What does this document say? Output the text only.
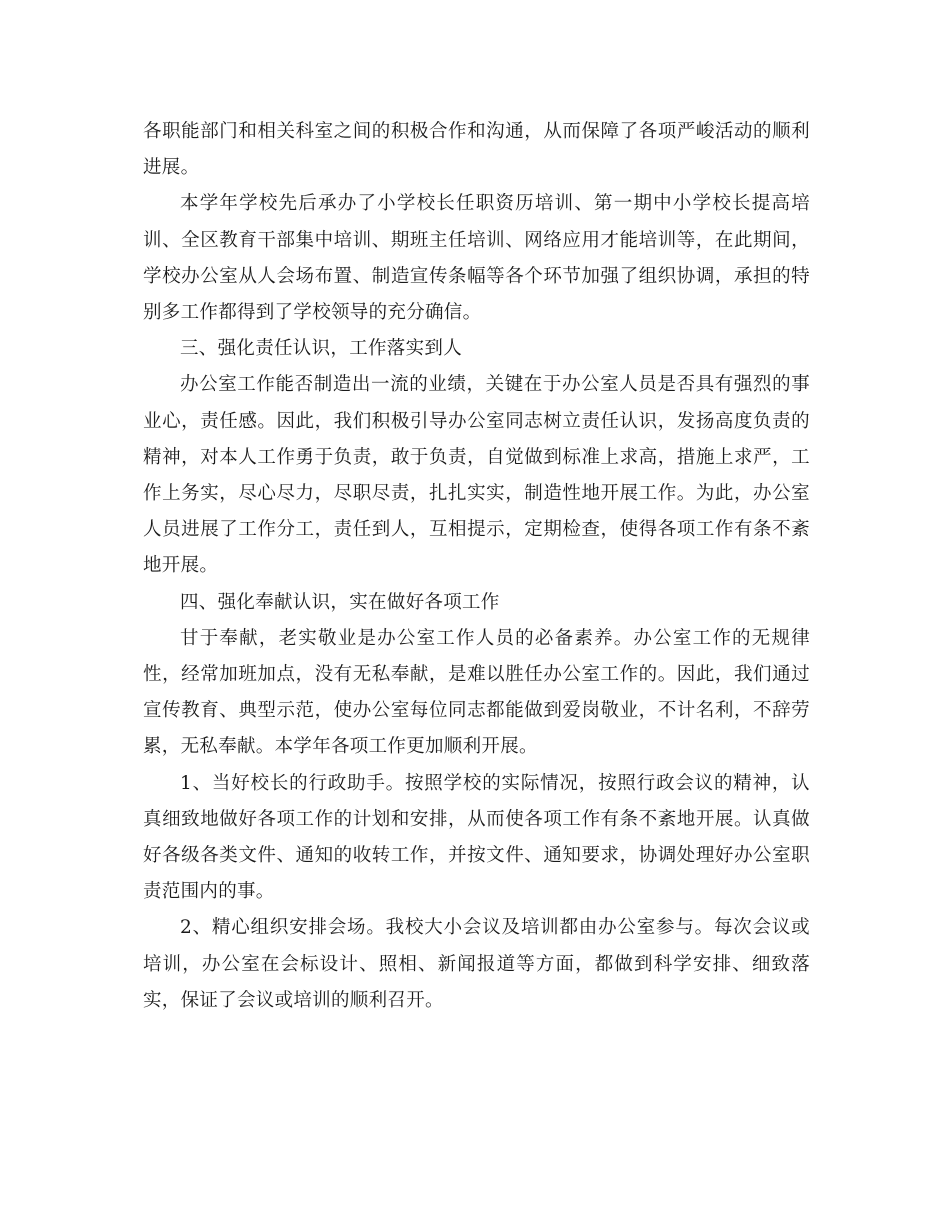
各职能部门和相关科室之间的积极合作和沟通，从而保障了各项严峻活动的顺利进展。

本学年学校先后承办了小学校长任职资历培训、第一期中小学校长提高培训、全区教育干部集中培训、期班主任培训、网络应用才能培训等，在此期间，学校办公室从人会场布置、制造宣传条幅等各个环节加强了组织协调，承担的特别多工作都得到了学校领导的充分确信。

三、强化责任认识，工作落实到人

办公室工作能否制造出一流的业绩，关键在于办公室人员是否具有强烈的事业心，责任感。因此，我们积极引导办公室同志树立责任认识，发扬高度负责的精神，对本人工作勇于负责，敢于负责，自觉做到标准上求高，措施上求严，工作上务实，尽心尽力，尽职尽责，扎扎实实，制造性地开展工作。为此，办公室人员进展了工作分工，责任到人，互相提示，定期检查，使得各项工作有条不紊地开展。

四、强化奉献认识，实在做好各项工作

甘于奉献，老实敬业是办公室工作人员的必备素养。办公室工作的无规律性，经常加班加点，没有无私奉献，是难以胜任办公室工作的。因此，我们通过宣传教育、典型示范，使办公室每位同志都能做到爱岗敬业，不计名利，不辞劳累，无私奉献。本学年各项工作更加顺利开展。

1、当好校长的行政助手。按照学校的实际情况，按照行政会议的精神，认真细致地做好各项工作的计划和安排，从而使各项工作有条不紊地开展。认真做好各级各类文件、通知的收转工作，并按文件、通知要求，协调处理好办公室职责范围内的事。

2、精心组织安排会场。我校大小会议及培训都由办公室参与。每次会议或培训，办公室在会标设计、照相、新闻报道等方面，都做到科学安排、细致落实，保证了会议或培训的顺利召开。
